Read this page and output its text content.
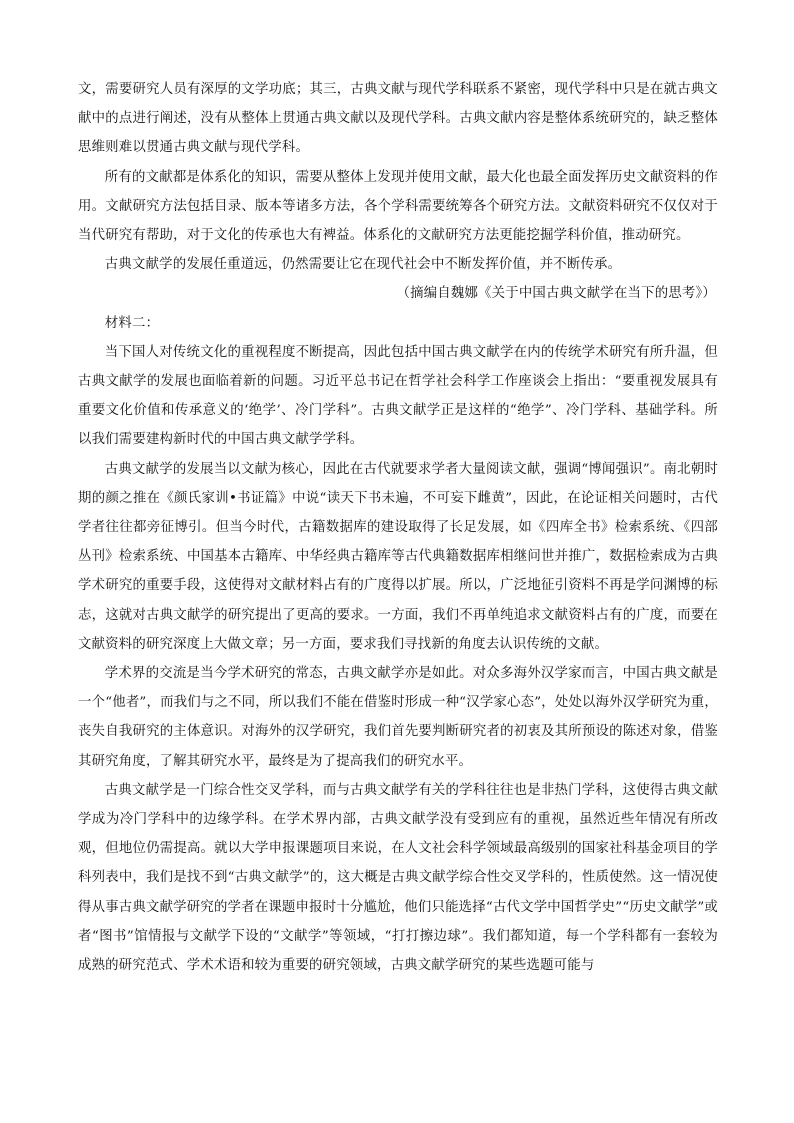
文，需要研究人员有深厚的文学功底；其三，古典文献与现代学科联系不紧密，现代学科中只是在就古典文献中的点进行阐述，没有从整体上贯通古典文献以及现代学科。古典文献内容是整体系统研究的，缺乏整体思维则难以贯通古典文献与现代学科。

所有的文献都是体系化的知识，需要从整体上发现并使用文献，最大化也最全面发挥历史文献资料的作用。文献研究方法包括目录、版本等诸多方法，各个学科需要统筹各个研究方法。文献资料研究不仅仅对于当代研究有帮助，对于文化的传承也大有裨益。体系化的文献研究方法更能挖掘学科价值，推动研究。

古典文献学的发展任重道远，仍然需要让它在现代社会中不断发挥价值，并不断传承。

（摘编自魏娜《关于中国古典文献学在当下的思考》）

材料二：

当下国人对传统文化的重视程度不断提高，因此包括中国古典文献学在内的传统学术研究有所升温，但古典文献学的发展也面临着新的问题。习近平总书记在哲学社会科学工作座谈会上指出：“要重视发展具有重要文化价值和传承意义的‘绝学’、冷门学科”。古典文献学正是这样的“绝学”、冷门学科、基础学科。所以我们需要建构新时代的中国古典文献学学科。

古典文献学的发展当以文献为核心，因此在古代就要求学者大量阅读文献，强调“博闻强识”。南北朝时期的颜之推在《颜氏家训•书证篇》中说“读天下书未遍，不可妄下雌黄”，因此，在论证相关问题时，古代学者往往都旁征博引。但当今时代，古籍数据库的建设取得了长足发展，如《四库全书》检索系统、《四部丛刊》检索系统、中国基本古籍库、中华经典古籍库等古代典籍数据库相继问世并推广，数据检索成为古典学术研究的重要手段，这使得对文献材料占有的广度得以扩展。所以，广泛地征引资料不再是学问渊博的标志，这就对古典文献学的研究提出了更高的要求。一方面，我们不再单纯追求文献资料占有的广度，而要在文献资料的研究深度上大做文章；另一方面，要求我们寻找新的角度去认识传统的文献。

学术界的交流是当今学术研究的常态，古典文献学亦是如此。对众多海外汉学家而言，中国古典文献是一个“他者”，而我们与之不同，所以我们不能在借鉴时形成一种“汉学家心态”，处处以海外汉学研究为重，丧失自我研究的主体意识。对海外的汉学研究，我们首先要判断研究者的初衷及其所预设的陈述对象，借鉴其研究角度，了解其研究水平，最终是为了提高我们的研究水平。

古典文献学是一门综合性交叉学科，而与古典文献学有关的学科往往也是非热门学科，这使得古典文献学成为冷门学科中的边缘学科。在学术界内部，古典文献学没有受到应有的重视，虽然近些年情况有所改观，但地位仍需提高。就以大学申报课题项目来说，在人文社会科学领域最高级别的国家社科基金项目的学科列表中，我们是找不到“古典文献学”的，这大概是古典文献学综合性交叉学科的，性质使然。这一情况使得从事古典文献学研究的学者在课题申报时十分尴尬，他们只能选择“古代文学中国哲学史”“历史文献学”或者“图书”馆情报与文献学下设的“文献学”等领域，“打打擦边球”。我们都知道，每一个学科都有一套较为成熟的研究范式、学术术语和较为重要的研究领域，古典文献学研究的某些选题可能与
